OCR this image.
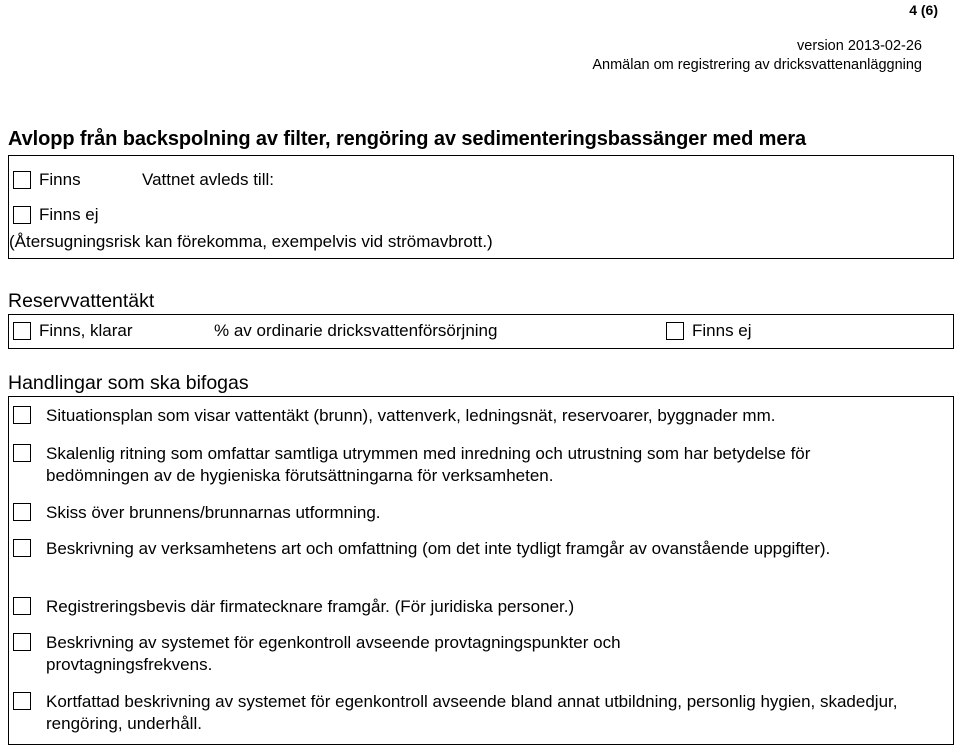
4 (6)
version 2013-02-26
Anmälan om registrering av dricksvattenanläggning
Avlopp från backspolning av filter, rengöring av sedimenteringsbassänger med mera
Finns	Vattnet avleds till:
Finns ej
(Återsugningsrisk kan förekomma, exempelvis vid strömavbrott.)
Reservvattentäkt
Finns, klarar	% av ordinarie dricksvattenförsörjning	Finns ej
Handlingar som ska bifogas
Situationsplan som visar vattentäkt (brunn), vattenverk, ledningsnät, reservoarer, byggnader mm.
Skalenlig ritning som omfattar samtliga utrymmen med inredning och utrustning som har betydelse för bedömningen av de hygieniska förutsättningarna för verksamheten.
Skiss över brunnens/brunnarnas utformning.
Beskrivning av verksamhetens art och omfattning (om det inte tydligt framgår av ovanstående uppgifter).
Registreringsbevis där firmatecknare framgår. (För juridiska personer.)
Beskrivning av systemet för egenkontroll avseende provtagningspunkter och provtagningsfrekvens.
Kortfattad beskrivning av systemet för egenkontroll avseende bland annat utbildning, personlig hygien, skadedjur, rengöring, underhåll.
